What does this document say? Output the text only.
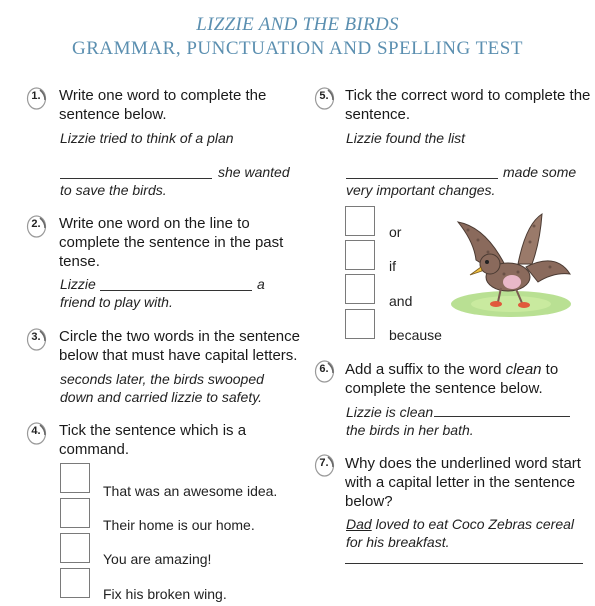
LIZZIE AND THE BIRDS
GRAMMAR, PUNCTUATION AND SPELLING TEST
1.	Write one word to complete the
sentence below.
Lizzie tried to think of a plan
she wanted
to save the birds.
2.	Write one word on the line to
complete the sentence in the past
tense.
Lizzie	a
friend to play with.
3.	Circle the two words in the sentence
below that must have capital letters.
seconds later, the birds swooped
down and carried lizzie to safety.
4.	Tick the sentence which is a
command.
That was an awesome idea.
Their home is our home.
You are amazing!
Fix his broken wing.
5.	Tick the correct word to complete the
sentence.
Lizzie found the list
made some
very important changes.
or
if
and
because
6.	Add a suffix to the word clean to
complete the sentence below.
Lizzie is clean
the birds in her bath.
7.	Why does the underlined word start
with a capital letter in the sentence
below?
Dad loved to eat Coco Zebras cereal
for his breakfast.
